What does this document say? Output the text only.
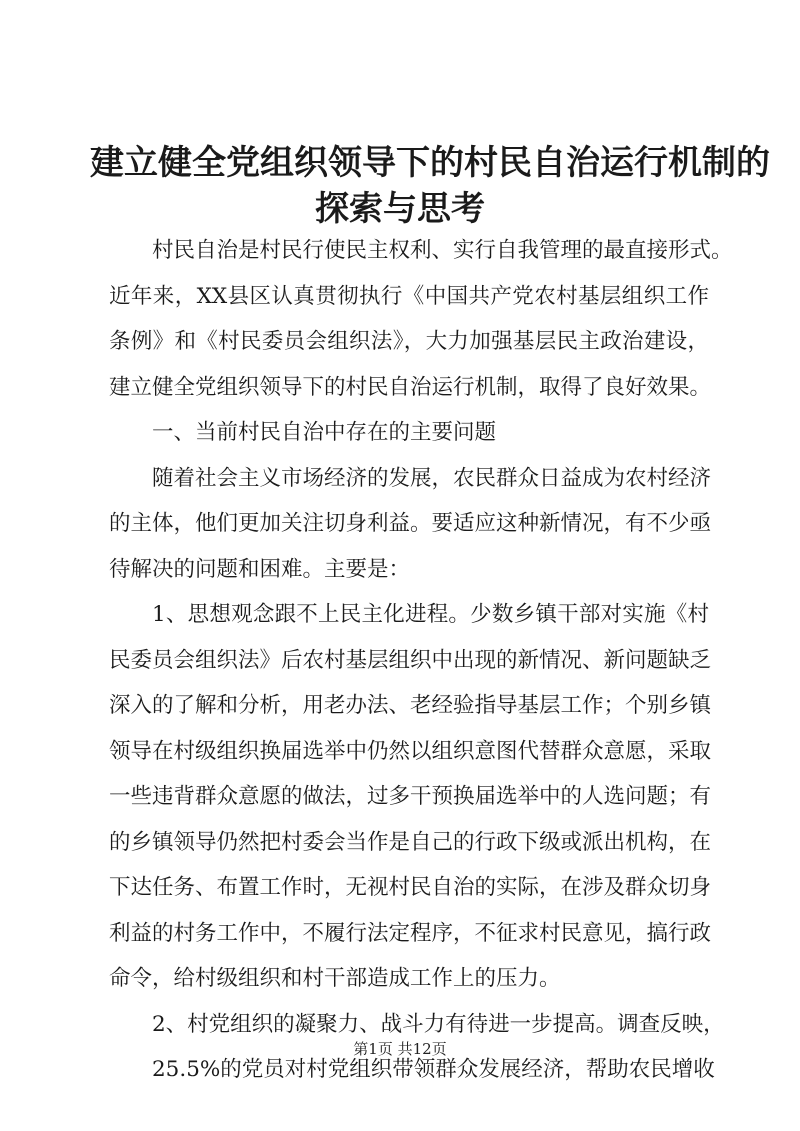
建立健全党组织领导下的村民自治运行机制的
探索与思考
村民自治是村民行使民主权利、实行自我管理的最直接形式。
近年来，XX县区认真贯彻执行《中国共产党农村基层组织工作
条例》和《村民委员会组织法》，大力加强基层民主政治建设，
建立健全党组织领导下的村民自治运行机制，取得了良好效果。
一、当前村民自治中存在的主要问题
随着社会主义市场经济的发展，农民群众日益成为农村经济
的主体，他们更加关注切身利益。要适应这种新情况，有不少亟
待解决的问题和困难。主要是：
1、思想观念跟不上民主化进程。少数乡镇干部对实施《村
民委员会组织法》后农村基层组织中出现的新情况、新问题缺乏
深入的了解和分析，用老办法、老经验指导基层工作；个别乡镇
领导在村级组织换届选举中仍然以组织意图代替群众意愿，采取
一些违背群众意愿的做法，过多干预换届选举中的人选问题；有
的乡镇领导仍然把村委会当作是自己的行政下级或派出机构，在
下达任务、布置工作时，无视村民自治的实际，在涉及群众切身
利益的村务工作中，不履行法定程序，不征求村民意见，搞行政
命令，给村级组织和村干部造成工作上的压力。
2、村党组织的凝聚力、战斗力有待进一步提高。调查反映，
25.5%的党员对村党组织带领群众发展经济，帮助农民增收
第1页 共12页
